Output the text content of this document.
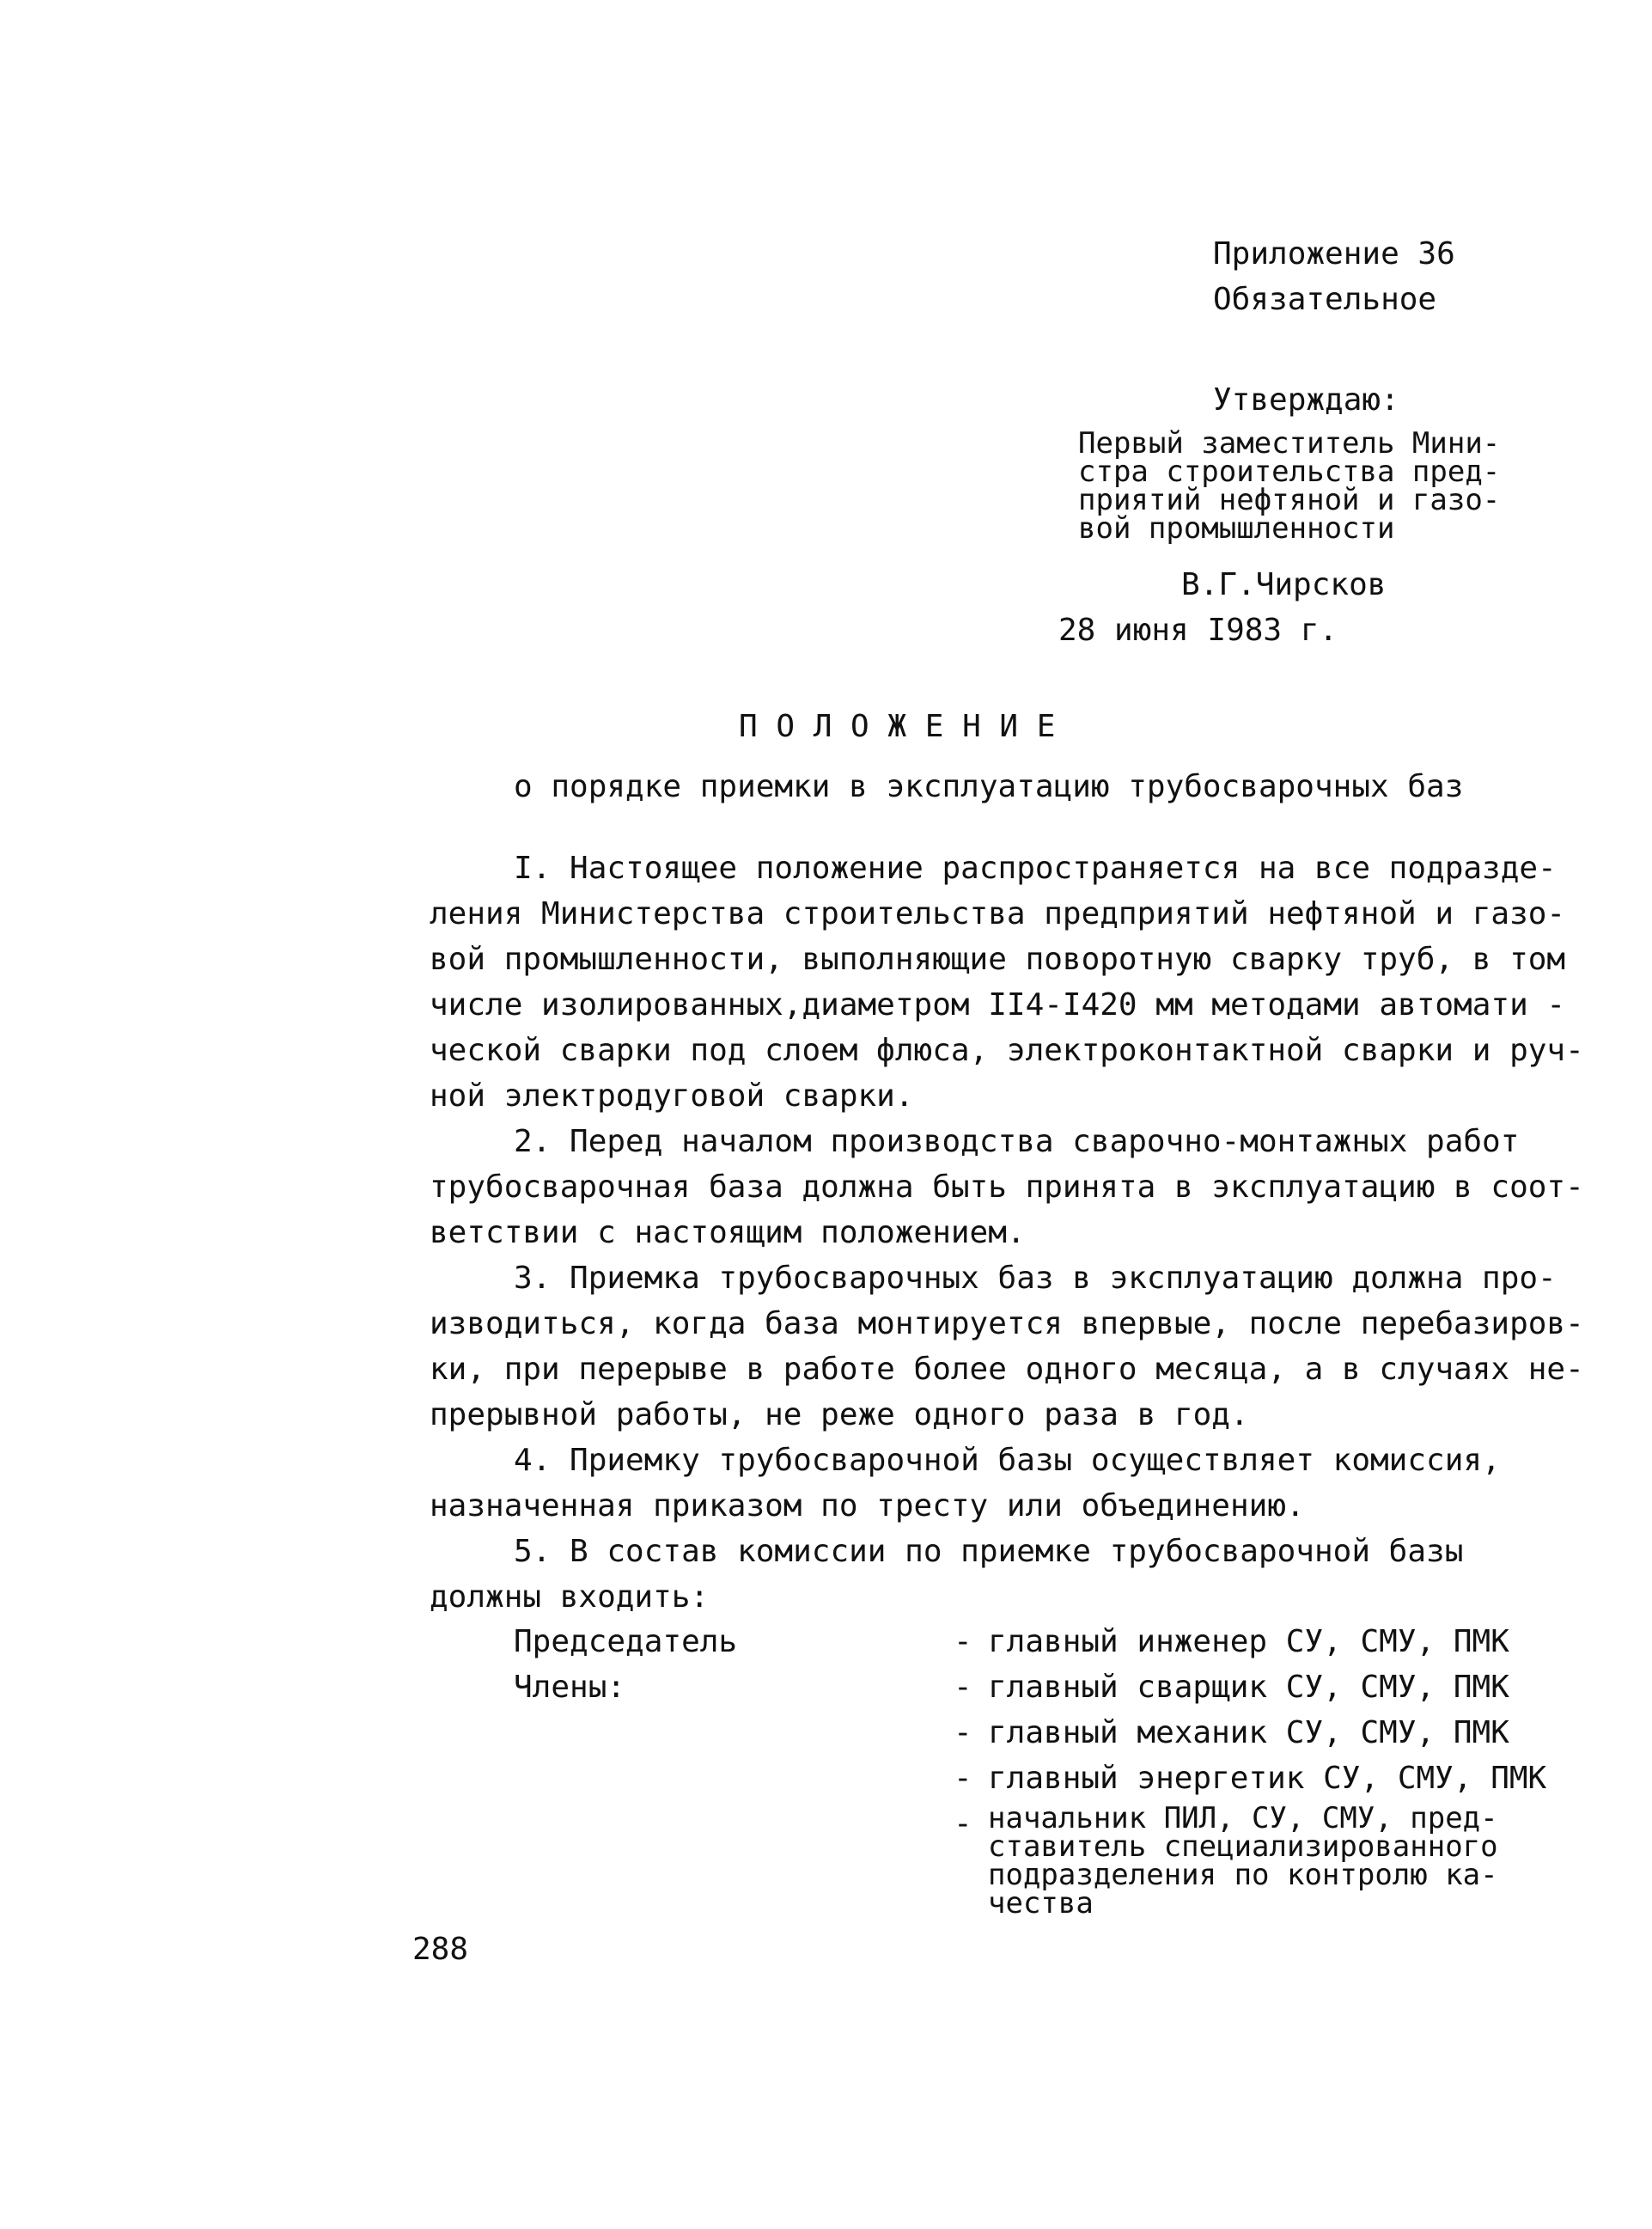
Приложение 36
Обязательное
Утверждаю:
Первый заместитель Мини-
стра строительства пред-
приятий нефтяной и газо-
вой промышленности
В.Г.Чирсков
28 июня I983 г.
П О Л О Ж Е Н И Е
о порядке приемки в эксплуатацию трубосварочных баз
I. Настоящее положение распространяется на все подразде-
ления Министерства строительства предприятий нефтяной и газо-
вой промышленности, выполняющие поворотную сварку труб, в том
числе изолированных,диаметром II4-I420 мм методами автомати -
ческой сварки под слоем флюса, электроконтактной сварки и руч-
ной электродуговой сварки.
2. Перед началом производства сварочно-монтажных работ
трубосварочная база должна быть принята в эксплуатацию в соот-
ветствии с настоящим положением.
3. Приемка трубосварочных баз в эксплуатацию должна про-
изводиться, когда база монтируется впервые, после перебазиров-
ки, при перерыве в работе более одного месяца, а в случаях не-
прерывной работы, не реже одного раза в год.
4. Приемку трубосварочной базы осуществляет комиссия,
назначенная приказом по тресту или объединению.
5. В состав комиссии по приемке трубосварочной базы
должны входить:
Председатель
Члены:
- главный инженер СУ, СМУ, ПМК
- главный сварщик СУ, СМУ, ПМК
- главный механик СУ, СМУ, ПМК
- главный энергетик СУ, СМУ, ПМК
- начальник ПИЛ, СУ, СМУ, пред-
ставитель специализированного
подразделения по контролю ка-
чества
288
